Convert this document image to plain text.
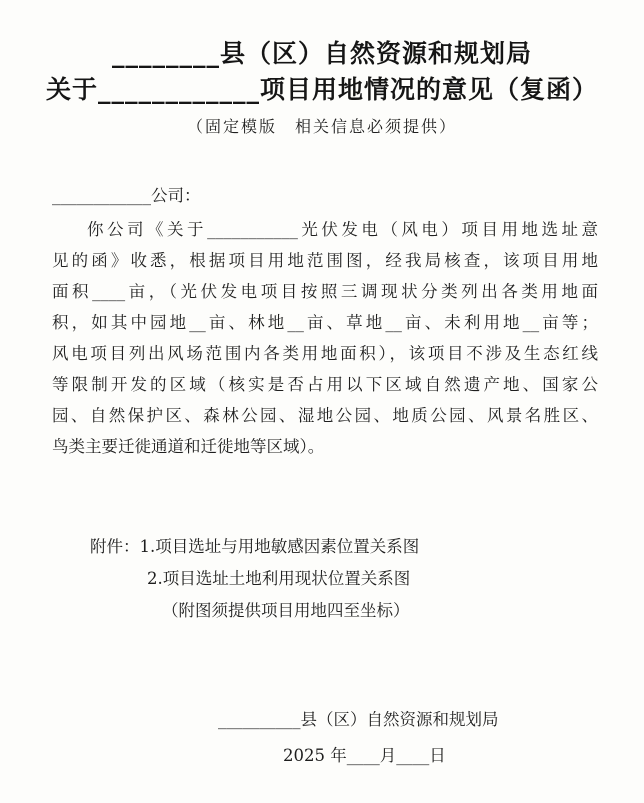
________县（区）自然资源和规划局
关于____________项目用地情况的意见（复函）
（固定模版　相关信息必须提供）
____________公司：
你公司《关于___________光伏发电（风电）项目用地选址意
见的函》收悉，根据项目用地范围图，经我局核查，该项目用地
面积____亩，（光伏发电项目按照三调现状分类列出各类用地面
积，如其中园地__亩、林地__亩、草地__亩、未利用地__亩等；
风电项目列出风场范围内各类用地面积），该项目不涉及生态红线
等限制开发的区域（核实是否占用以下区域自然遗产地、国家公
园、自然保护区、森林公园、湿地公园、地质公园、风景名胜区、
鸟类主要迁徙通道和迁徙地等区域）。
附件：1.项目选址与用地敏感因素位置关系图
2.项目选址土地利用现状位置关系图
（附图须提供项目用地四至坐标）
__________县（区）自然资源和规划局
2025 年____月____日
